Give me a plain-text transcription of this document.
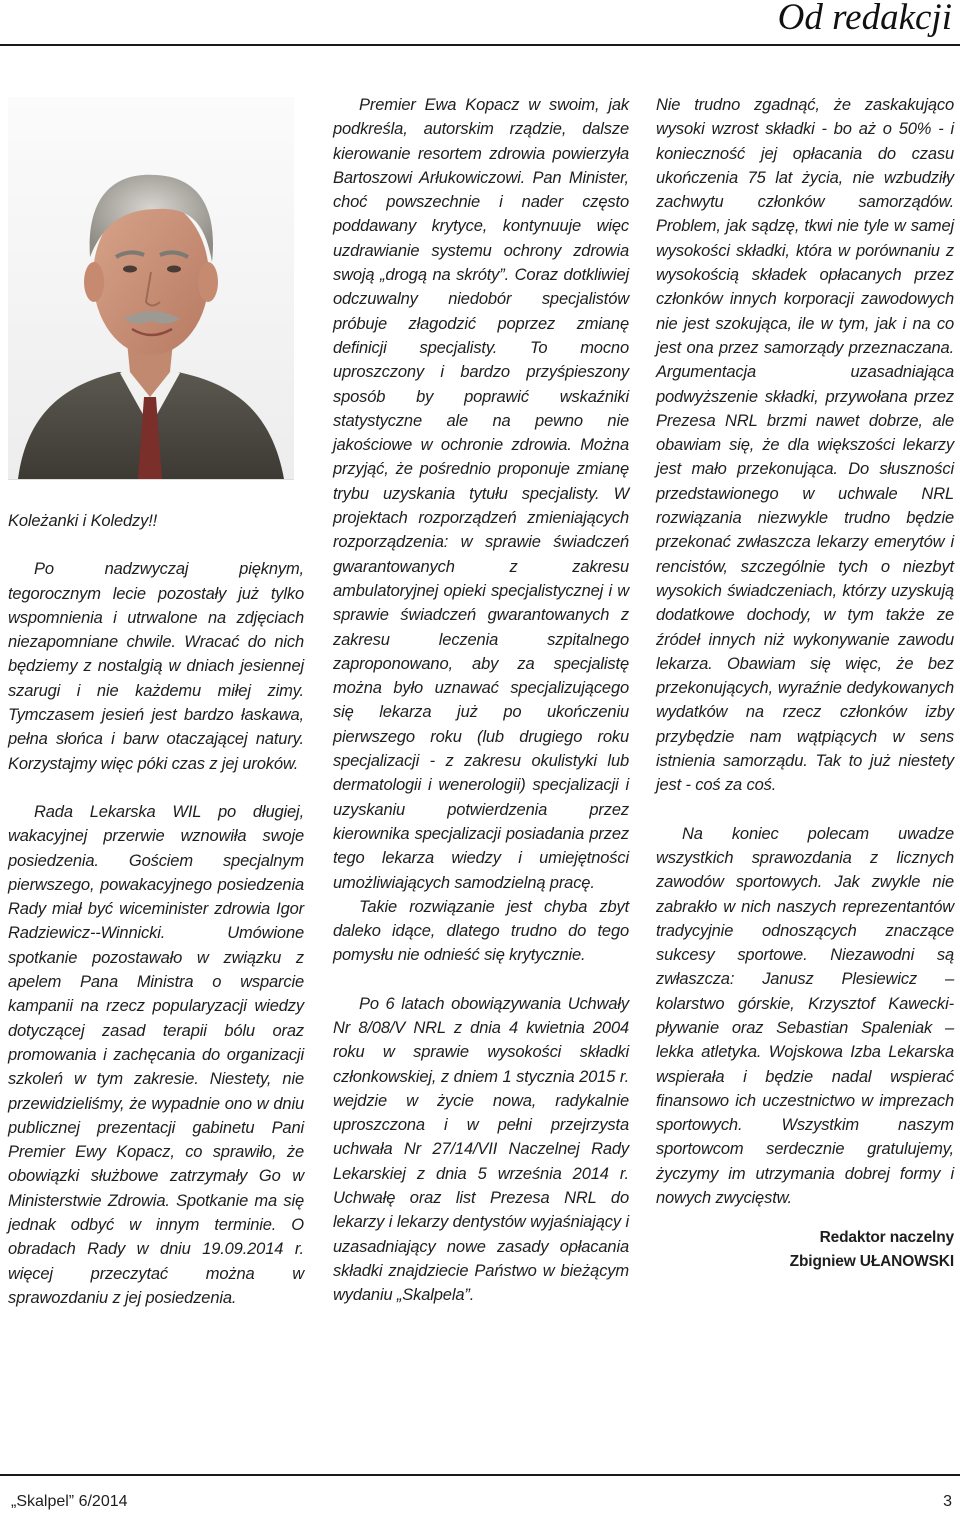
Od redakcji

Koleżanki i Koledzy!!

Po nadzwyczaj pięknym, tegorocznym lecie pozostały już tylko wspomnienia i utrwalone na zdjęciach niezapomniane chwile. Wracać do nich będziemy z nostalgią w dniach jesiennej szarugi i nie każdemu miłej zimy. Tymczasem jesień jest bardzo łaskawa, pełna słońca i barw otaczającej natury. Korzystajmy więc póki czas z jej uroków.

Rada Lekarska WIL po długiej, wakacyjnej przerwie wznowiła swoje posiedzenia. Gościem specjalnym pierwszego, powakacyjnego posiedzenia Rady miał być wiceminister zdrowia Igor Radziewicz--Winnicki. Umówione spotkanie pozostawało w związku z apelem Pana Ministra o wsparcie kampanii na rzecz popularyzacji wiedzy dotyczącej zasad terapii bólu oraz promowania i zachęcania do organizacji szkoleń w tym zakresie. Niestety, nie przewidzieliśmy, że wypadnie ono w dniu publicznej prezentacji gabinetu Pani Premier Ewy Kopacz, co sprawiło, że obowiązki służbowe zatrzymały Go w Ministerstwie Zdrowia. Spotkanie ma się jednak odbyć w innym terminie. O obradach Rady w dniu 19.09.2014 r. więcej przeczytać można w sprawozdaniu z jej posiedzenia.

Premier Ewa Kopacz w swoim, jak podkreśla, autorskim rządzie, dalsze kierowanie resortem zdrowia powierzyła Bartoszowi Arłukowiczowi. Pan Minister, choć powszechnie i nader często poddawany krytyce, kontynuuje więc uzdrawianie systemu ochrony zdrowia swoją „drogą na skróty”. Coraz dotkliwiej odczuwalny niedobór specjalistów próbuje złagodzić poprzez zmianę definicji specjalisty. To mocno uproszczony i bardzo przyśpieszony sposób by poprawić wskaźniki statystyczne ale na pewno nie jakościowe w ochronie zdrowia. Można przyjąć, że pośrednio proponuje zmianę trybu uzyskania tytułu specjalisty. W projektach rozporządzeń zmieniających rozporządzenia: w sprawie świadczeń gwarantowanych z zakresu ambulatoryjnej opieki specjalistycznej i w sprawie świadczeń gwarantowanych z zakresu leczenia szpitalnego zaproponowano, aby za specjalistę można było uznawać specjalizującego się lekarza już po ukończeniu pierwszego roku (lub drugiego roku specjalizacji - z zakresu okulistyki lub dermatologii i wenerologii) specjalizacji i uzyskaniu potwierdzenia przez kierownika specjalizacji posiadania przez tego lekarza wiedzy i umiejętności umożliwiających samodzielną pracę.

Takie rozwiązanie jest chyba zbyt daleko idące, dlatego trudno do tego pomysłu nie odnieść się krytycznie.

Po 6 latach obowiązywania Uchwały Nr 8/08/V NRL z dnia 4 kwietnia 2004 roku w sprawie wysokości składki członkowskiej, z dniem 1 stycznia 2015 r. wejdzie w życie nowa, radykalnie uproszczona i w pełni przejrzysta uchwała Nr 27/14/VII Naczelnej Rady Lekarskiej z dnia 5 września 2014 r. Uchwałę oraz list Prezesa NRL do lekarzy i lekarzy dentystów wyjaśniający i uzasadniający nowe zasady opłacania składki znajdziecie Państwo w bieżącym wydaniu „Skalpela”.

Nie trudno zgadnąć, że zaskakująco wysoki wzrost składki - bo aż o 50% - i konieczność jej opłacania do czasu ukończenia 75 lat życia, nie wzbudziły zachwytu członków samorządów. Problem, jak sądzę, tkwi nie tyle w samej wysokości składki, która w porównaniu z wysokością składek opłacanych przez członków innych korporacji zawodowych nie jest szokująca, ile w tym, jak i na co jest ona przez samorządy przeznaczana. Argumentacja uzasadniająca podwyższenie składki, przywołana przez Prezesa NRL brzmi nawet dobrze, ale obawiam się, że dla większości lekarzy jest mało przekonująca. Do słuszności przedstawionego w uchwale NRL rozwiązania niezwykle trudno będzie przekonać zwłaszcza lekarzy emerytów i rencistów, szczególnie tych o niezbyt wysokich świadczeniach, którzy uzyskują dodatkowe dochody, w tym także ze źródeł innych niż wykonywanie zawodu lekarza. Obawiam się więc, że bez przekonujących, wyraźnie dedykowanych wydatków na rzecz członków izby przybędzie nam wątpiących w sens istnienia samorządu. Tak to już niestety jest - coś za coś.

Na koniec polecam uwadze wszystkich sprawozdania z licznych zawodów sportowych. Jak zwykle nie zabrakło w nich naszych reprezentantów tradycyjnie odnoszących znaczące sukcesy sportowe. Niezawodni są zwłaszcza: Janusz Plesiewicz – kolarstwo górskie, Krzysztof Kawecki- pływanie oraz Sebastian Spaleniak – lekka atletyka. Wojskowa Izba Lekarska wspierała i będzie nadal wspierać finansowo ich uczestnictwo w imprezach sportowych. Wszystkim naszym sportowcom serdecznie gratulujemy, życzymy im utrzymania dobrej formy i nowych zwycięstw.

Redaktor naczelny
Zbigniew UŁANOWSKI
„Skalpel” 6/2014	3
